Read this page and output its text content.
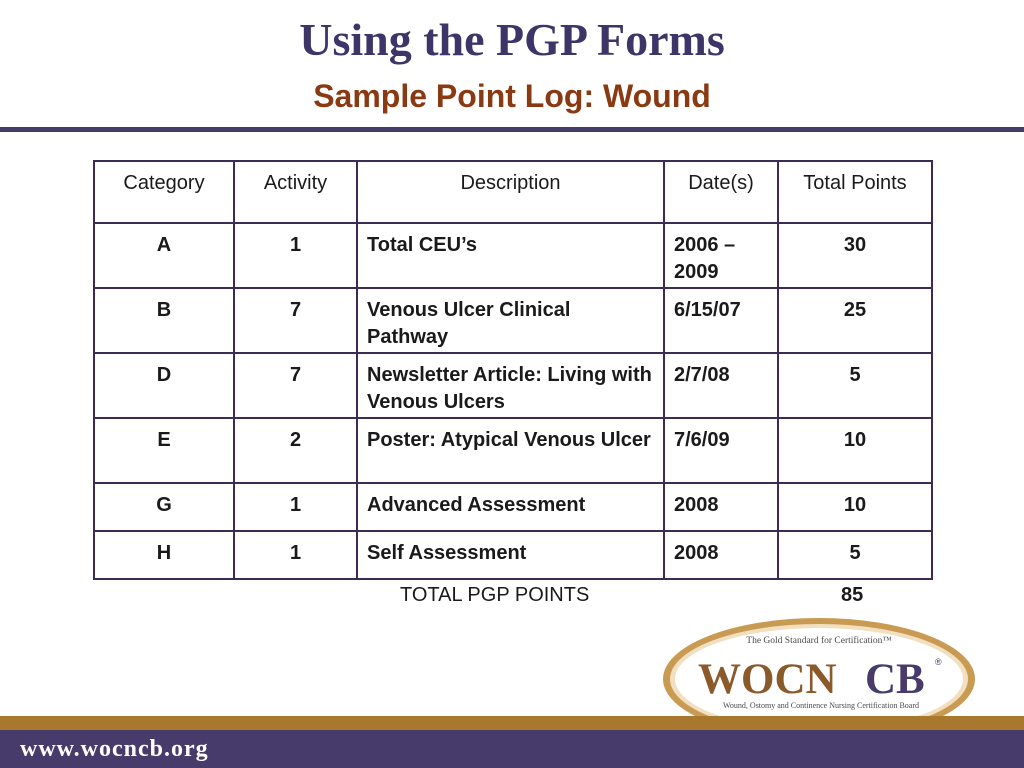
Using the PGP Forms
Sample Point Log: Wound
Category	Activity	Description	Date(s)	Total Points
A	1	Total CEU’s	2006 – 2009	30
B	7	Venous Ulcer Clinical Pathway	6/15/07	25
D	7	Newsletter Article: Living with Venous Ulcers	2/7/08	5
E	2	Poster: Atypical Venous Ulcer	7/6/09	10
G	1	Advanced Assessment	2008	10
H	1	Self Assessment	2008	5
TOTAL PGP POINTS	85
The Gold Standard for Certification™
WOCN CB ®
Wound, Ostomy and Continence Nursing Certification Board
www.wocncb.org
